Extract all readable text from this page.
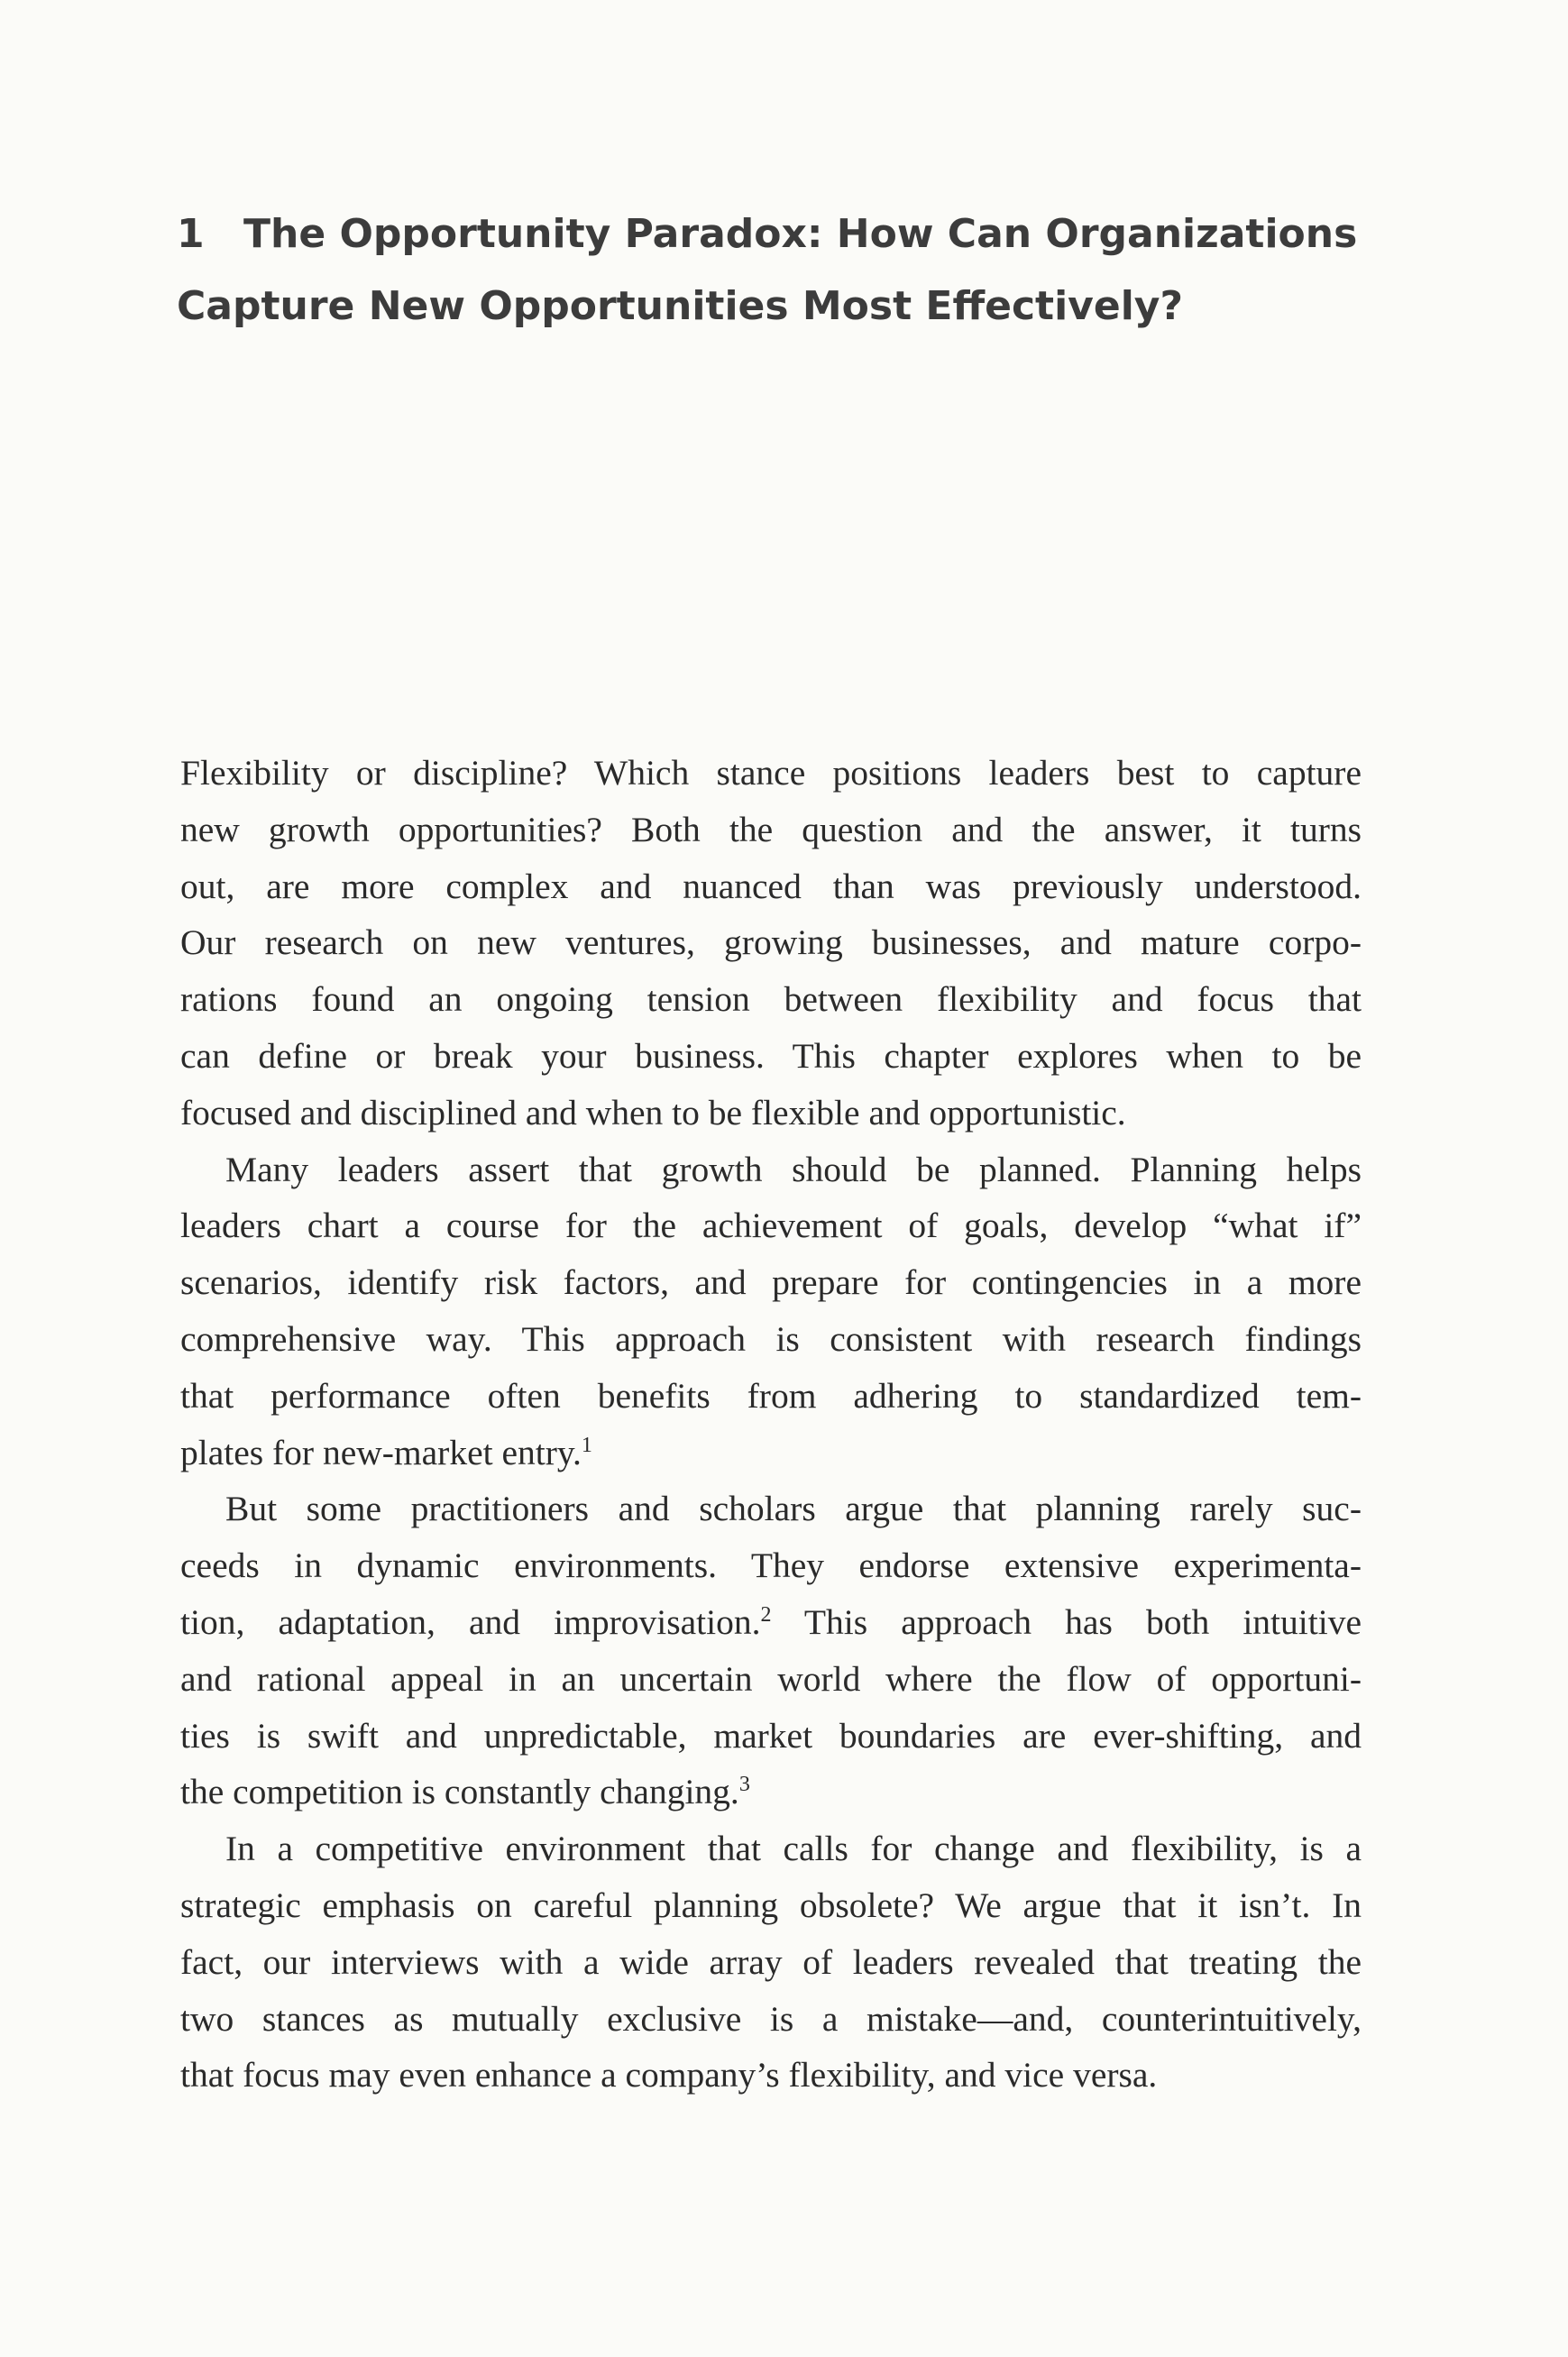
1 The Opportunity Paradox: How Can Organizations
Capture New Opportunities Most Effectively?

Flexibility or discipline? Which stance positions leaders best to capture
new growth opportunities? Both the question and the answer, it turns
out, are more complex and nuanced than was previously understood.
Our research on new ventures, growing businesses, and mature corpo-
rations found an ongoing tension between flexibility and focus that
can define or break your business. This chapter explores when to be
focused and disciplined and when to be flexible and opportunistic.

Many leaders assert that growth should be planned. Planning helps
leaders chart a course for the achievement of goals, develop “what if”
scenarios, identify risk factors, and prepare for contingencies in a more
comprehensive way. This approach is consistent with research findings
that performance often benefits from adhering to standardized tem-
plates for new-market entry.$^1$

But some practitioners and scholars argue that planning rarely suc-
ceeds in dynamic environments. They endorse extensive experimenta-
tion, adaptation, and improvisation.$^2$ This approach has both intuitive
and rational appeal in an uncertain world where the flow of opportuni-
ties is swift and unpredictable, market boundaries are ever-shifting, and
the competition is constantly changing.$^3$

In a competitive environment that calls for change and flexibility, is a
strategic emphasis on careful planning obsolete? We argue that it isn’t. In
fact, our interviews with a wide array of leaders revealed that treating the
two stances as mutually exclusive is a mistake—and, counterintuitively,
that focus may even enhance a company’s flexibility, and vice versa.
